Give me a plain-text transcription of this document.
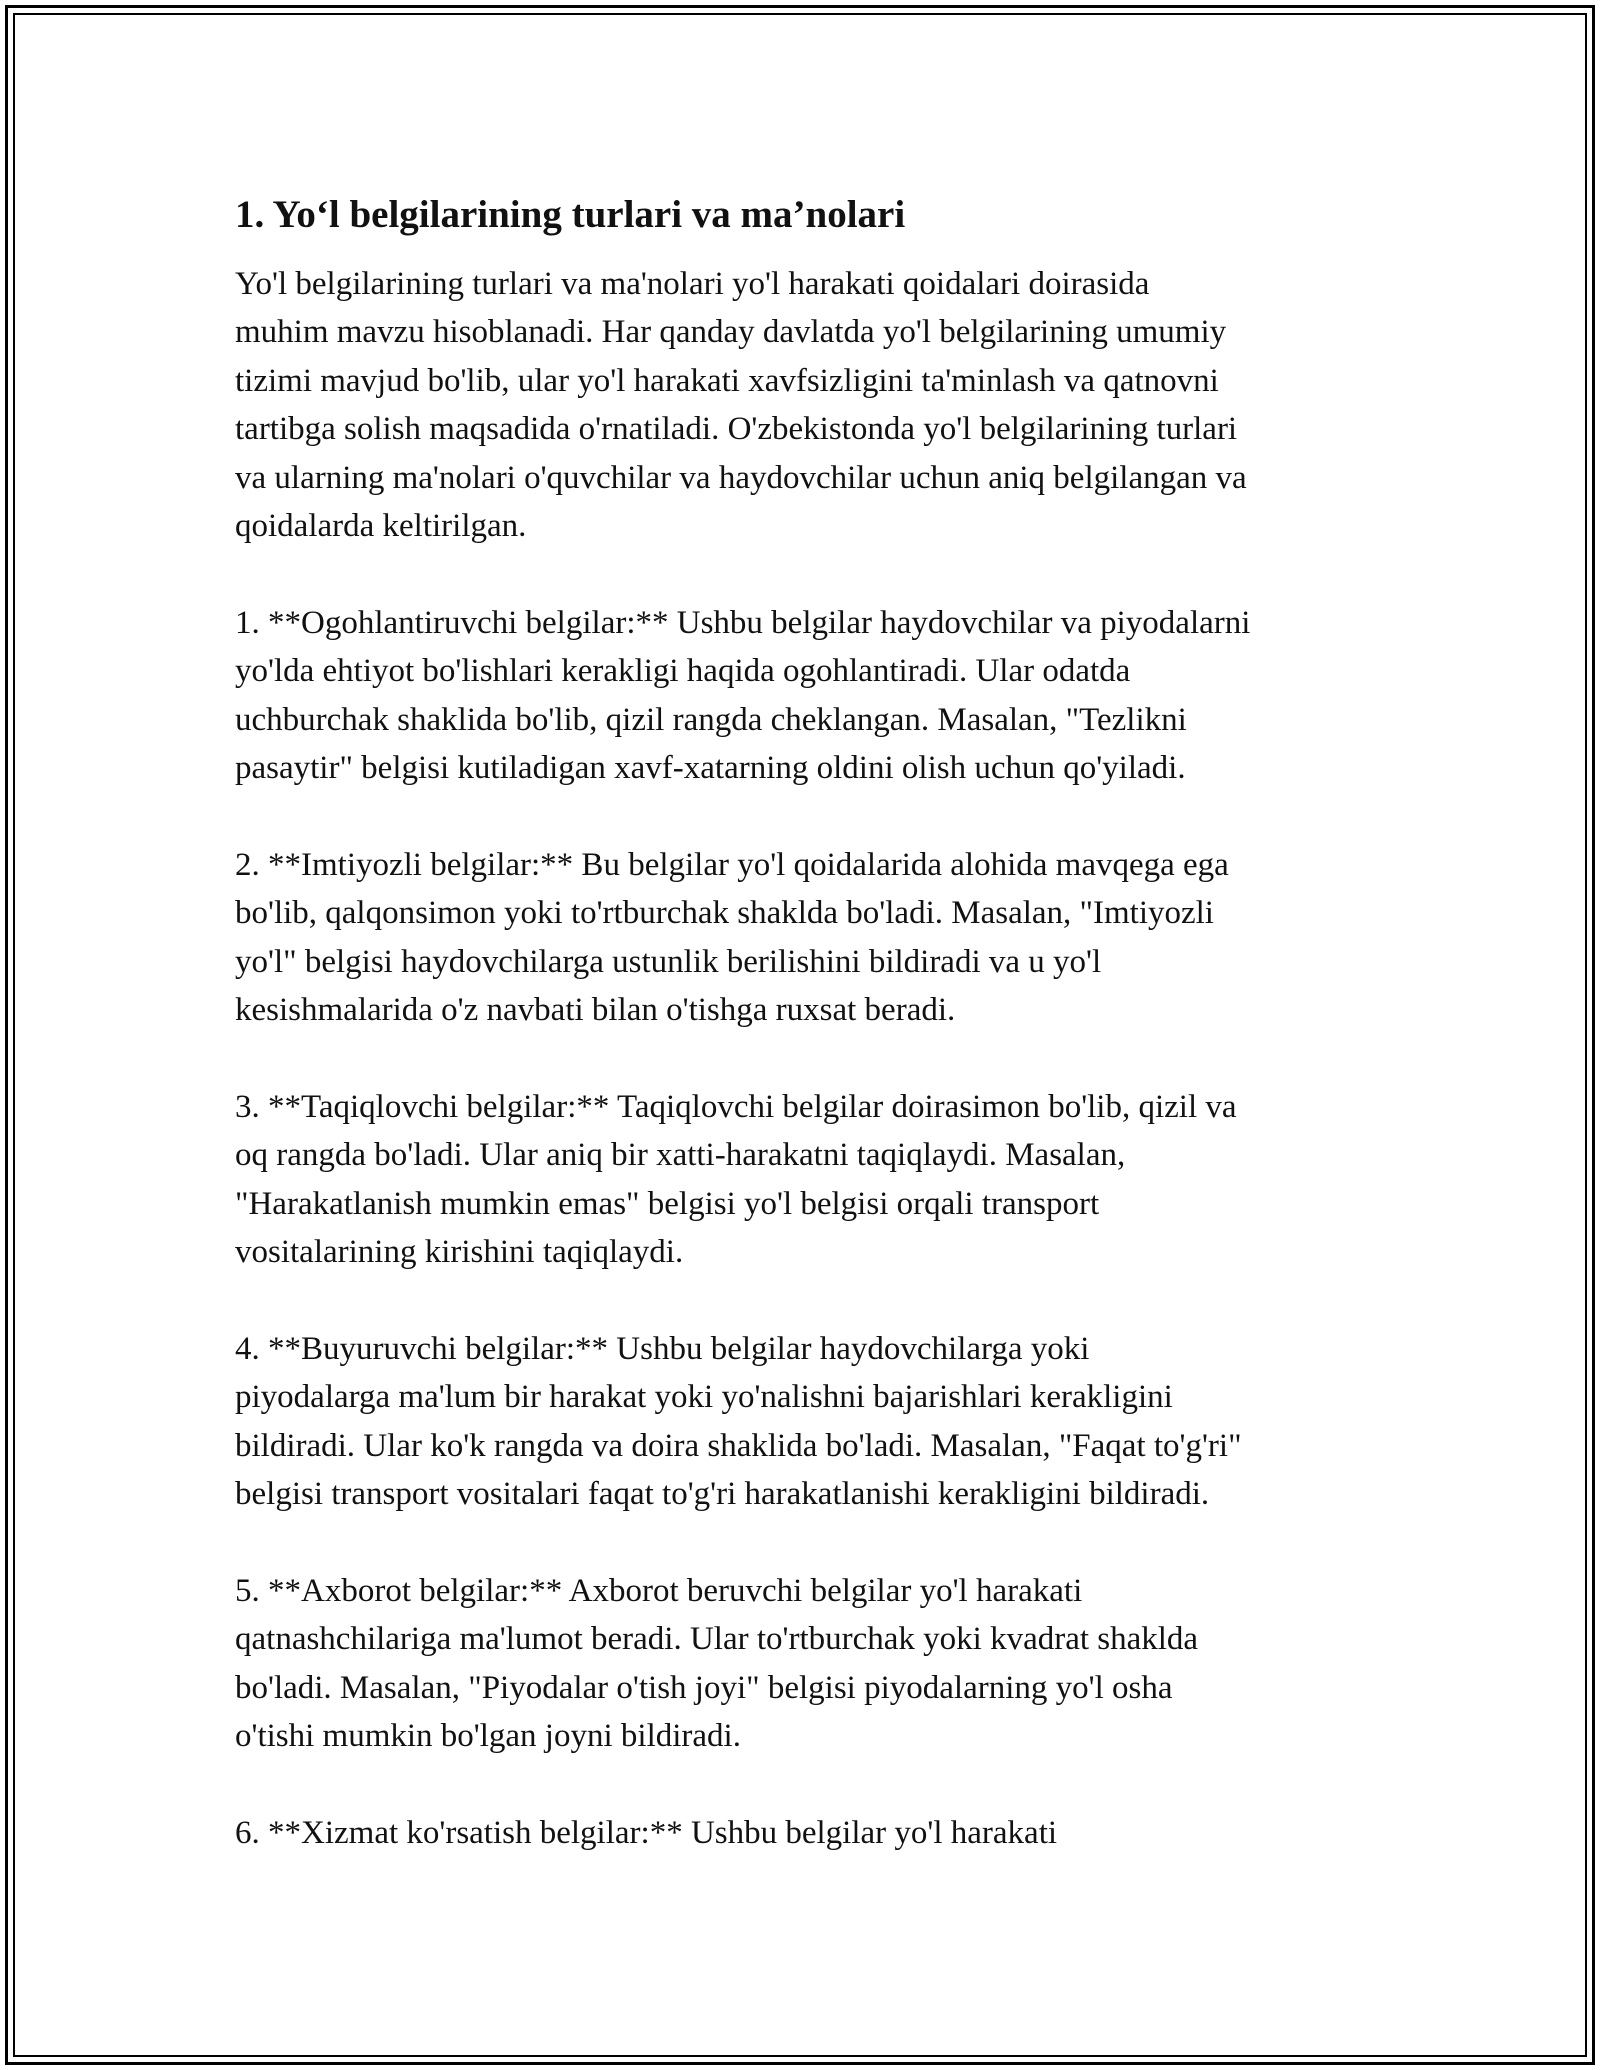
1. Yo‘l belgilarining turlari va ma’nolari

Yo'l belgilarining turlari va ma'nolari yo'l harakati qoidalari doirasida
muhim mavzu hisoblanadi. Har qanday davlatda yo'l belgilarining umumiy
tizimi mavjud bo'lib, ular yo'l harakati xavfsizligini ta'minlash va qatnovni
tartibga solish maqsadida o'rnatiladi. O'zbekistonda yo'l belgilarining turlari
va ularning ma'nolari o'quvchilar va haydovchilar uchun aniq belgilangan va
qoidalarda keltirilgan.

1. **Ogohlantiruvchi belgilar:** Ushbu belgilar haydovchilar va piyodalarni
yo'lda ehtiyot bo'lishlari kerakligi haqida ogohlantiradi. Ular odatda
uchburchak shaklida bo'lib, qizil rangda cheklangan. Masalan, "Tezlikni
pasaytir" belgisi kutiladigan xavf-xatarning oldini olish uchun qo'yiladi.

2. **Imtiyozli belgilar:** Bu belgilar yo'l qoidalarida alohida mavqega ega
bo'lib, qalqonsimon yoki to'rtburchak shaklda bo'ladi. Masalan, "Imtiyozli
yo'l" belgisi haydovchilarga ustunlik berilishini bildiradi va u yo'l
kesishmalarida o'z navbati bilan o'tishga ruxsat beradi.

3. **Taqiqlovchi belgilar:** Taqiqlovchi belgilar doirasimon bo'lib, qizil va
oq rangda bo'ladi. Ular aniq bir xatti-harakatni taqiqlaydi. Masalan,
"Harakatlanish mumkin emas" belgisi yo'l belgisi orqali transport
vositalarining kirishini taqiqlaydi.

4. **Buyuruvchi belgilar:** Ushbu belgilar haydovchilarga yoki
piyodalarga ma'lum bir harakat yoki yo'nalishni bajarishlari kerakligini
bildiradi. Ular ko'k rangda va doira shaklida bo'ladi. Masalan, "Faqat to'g'ri"
belgisi transport vositalari faqat to'g'ri harakatlanishi kerakligini bildiradi.

5. **Axborot belgilar:** Axborot beruvchi belgilar yo'l harakati
qatnashchilariga ma'lumot beradi. Ular to'rtburchak yoki kvadrat shaklda
bo'ladi. Masalan, "Piyodalar o'tish joyi" belgisi piyodalarning yo'l osha
o'tishi mumkin bo'lgan joyni bildiradi.

6. **Xizmat ko'rsatish belgilar:** Ushbu belgilar yo'l harakati
